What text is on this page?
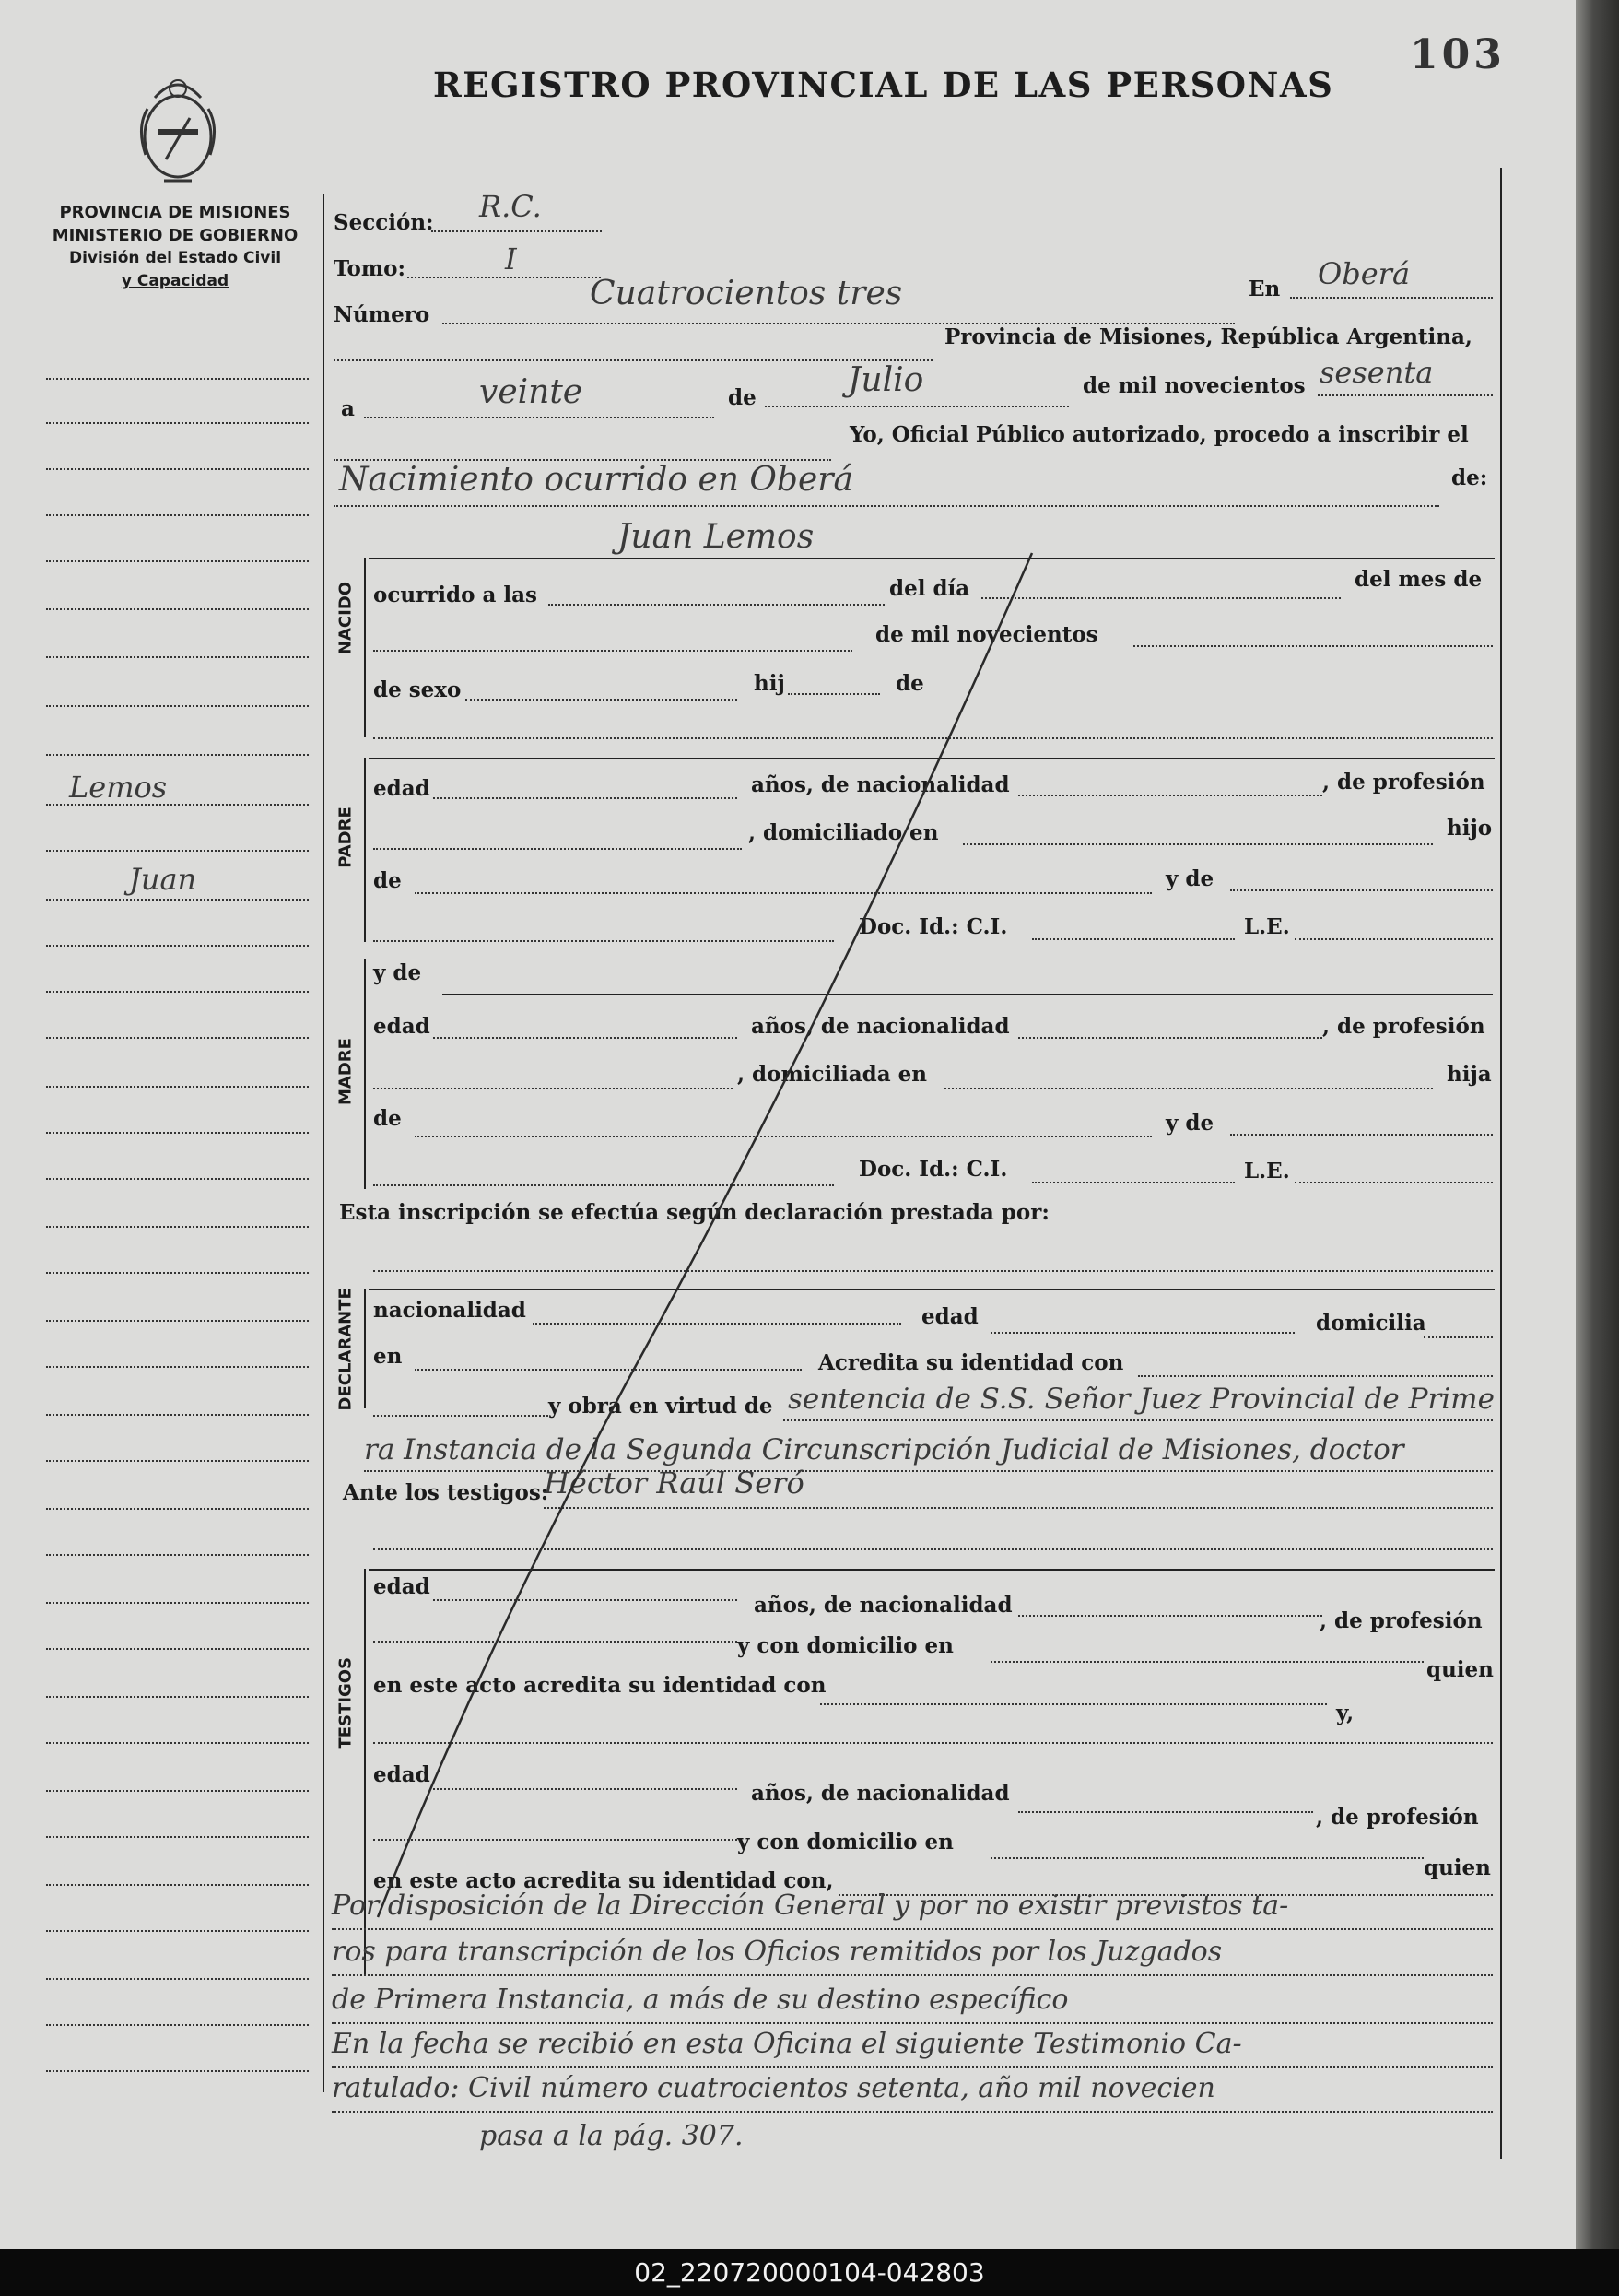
103
REGISTRO PROVINCIAL DE LAS PERSONAS
PROVINCIA DE MISIONES
MINISTERIO DE GOBIERNO
División del Estado Civil
y Capacidad
Lemos
Juan
Sección: R.C.
Tomo:	I
Número
Cuatrocientos tres	En Oberá
Provincia de Misiones, República Argentina,
a	veinte	de	Julio	de mil novecientos sesenta
Yo, Oficial Público autorizado, procedo a inscribir el
Nacimiento ocurrido en Oberá	de:
NACIDO
Juan Lemos
ocurrido a las	del día	del mes de
de mil novecientos
de sexo	hij	de
PADRE
edad	años, de nacionalidad	, de profesión
, domiciliado en	hijo
de	y de
Doc. Id.: C.I.	L.E.
y de
MADRE
edad	años, de nacionalidad	, de profesión
, domiciliada en	hija
de	y de
Doc. Id.: C.I.	L.E.
Esta inscripción se efectúa según declaración prestada por:
DECLARANTE nacionalidad	edad	domicilia
en	Acredita su identidad con
y obra en virtud de sentencia de S.S. Señor Juez Provincial de Prime
ra Instancia de la Segunda Circunscripción Judicial de Misiones, doctor
Ante los testigos:
Héctor Raúl Seró
TESTIGOS
edad
años, de nacionalidad
, de profesión
y con domicilio en
quien
en este acto acredita su identidad con
y,
edad
años, de nacionalidad
, de profesión
y con domicilio en
quien
en este acto acredita su identidad con,
Por disposición de la Dirección General y por no existir previstos ta-
ros para transcripción de los Oficios remitidos por los Juzgados
de Primera Instancia, a más de su destino específico
En la fecha se recibió en esta Oficina el siguiente Testimonio Ca-
ratulado: Civil número cuatrocientos setenta, año mil novecien
pasa a la pág. 307.
02_220720000104-042803
